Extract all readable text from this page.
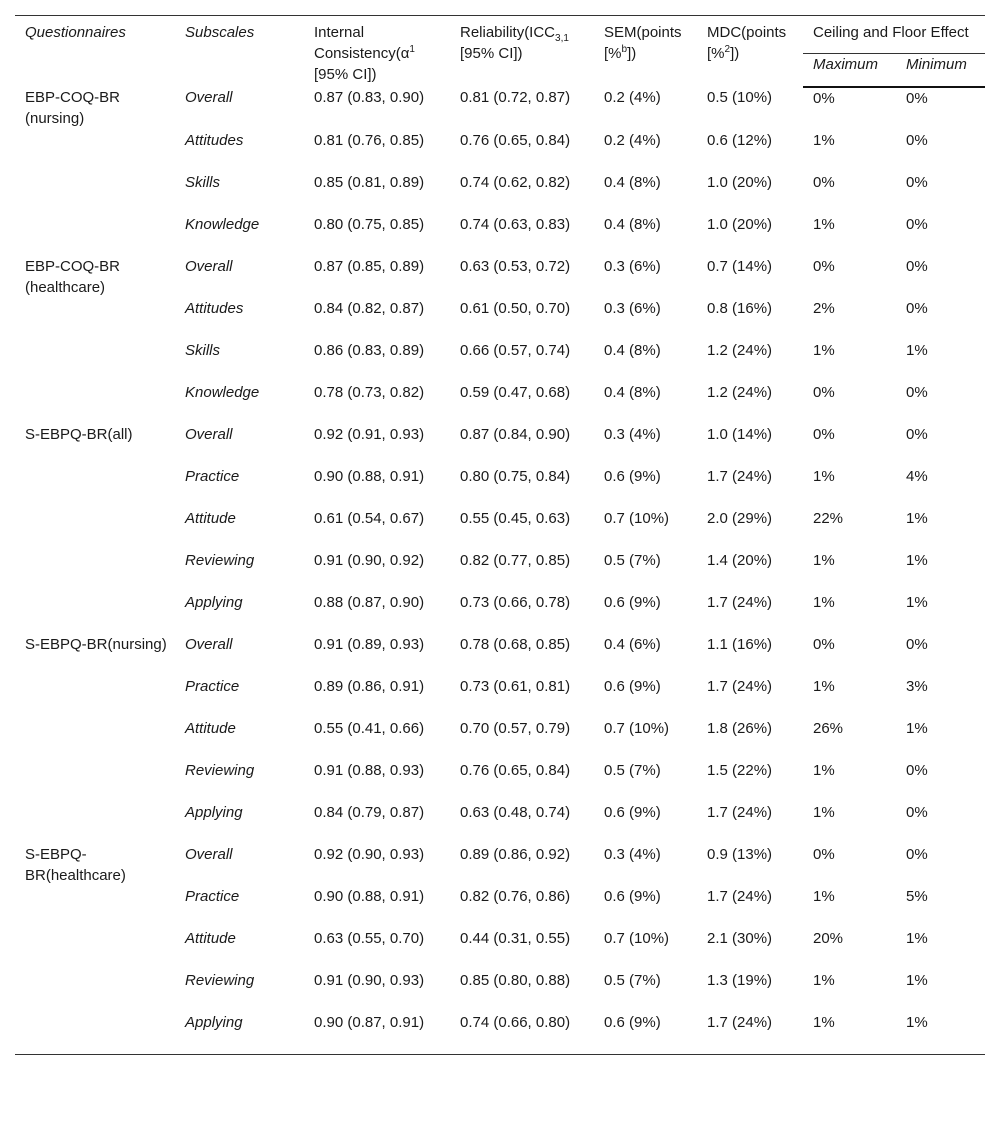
Questionnaires	Subscales	Internal $Consistency(\alpha^1$ [95% CI])	$Reliability(ICC_{3,1}$ [95% CI])	SEM(points [%$^b$])	MDC(points [%$^2$])	Ceiling and Floor Effect	
						Maximum	Minimum
EBP-COQ-BR (nursing)	Overall	0.87 (0.83, 0.90)	0.81 (0.72, 0.87)	0.2 (4%)	0.5 (10%)	0%	0%
	Attitudes	0.81 (0.76, 0.85)	0.76 (0.65, 0.84)	0.2 (4%)	0.6 (12%)	1%	0%
	Skills	0.85 (0.81, 0.89)	0.74 (0.62, 0.82)	0.4 (8%)	1.0 (20%)	0%	0%
	Knowledge	0.80 (0.75, 0.85)	0.74 (0.63, 0.83)	0.4 (8%)	1.0 (20%)	1%	0%
EBP-COQ-BR (healthcare)	Overall	0.87 (0.85, 0.89)	0.63 (0.53, 0.72)	0.3 (6%)	0.7 (14%)	0%	0%
	Attitudes	0.84 (0.82, 0.87)	0.61 (0.50, 0.70)	0.3 (6%)	0.8 (16%)	2%	0%
	Skills	0.86 (0.83, 0.89)	0.66 (0.57, 0.74)	0.4 (8%)	1.2 (24%)	1%	1%
	Knowledge	0.78 (0.73, 0.82)	0.59 (0.47, 0.68)	0.4 (8%)	1.2 (24%)	0%	0%
S-EBPQ-BR(all)	Overall	0.92 (0.91, 0.93)	0.87 (0.84, 0.90)	0.3 (4%)	1.0 (14%)	0%	0%
	Practice	0.90 (0.88, 0.91)	0.80 (0.75, 0.84)	0.6 (9%)	1.7 (24%)	1%	4%
	Attitude	0.61 (0.54, 0.67)	0.55 (0.45, 0.63)	0.7 (10%)	2.0 (29%)	22%	1%
	Reviewing	0.91 (0.90, 0.92)	0.82 (0.77, 0.85)	0.5 (7%)	1.4 (20%)	1%	1%
	Applying	0.88 (0.87, 0.90)	0.73 (0.66, 0.78)	0.6 (9%)	1.7 (24%)	1%	1%
S-EBPQ-BR(nursing)	Overall	0.91 (0.89, 0.93)	0.78 (0.68, 0.85)	0.4 (6%)	1.1 (16%)	0%	0%
	Practice	0.89 (0.86, 0.91)	0.73 (0.61, 0.81)	0.6 (9%)	1.7 (24%)	1%	3%
	Attitude	0.55 (0.41, 0.66)	0.70 (0.57, 0.79)	0.7 (10%)	1.8 (26%)	26%	1%
	Reviewing	0.91 (0.88, 0.93)	0.76 (0.65, 0.84)	0.5 (7%)	1.5 (22%)	1%	0%
	Applying	0.84 (0.79, 0.87)	0.63 (0.48, 0.74)	0.6 (9%)	1.7 (24%)	1%	0%
S-EBPQ-BR(healthcare)	Overall	0.92 (0.90, 0.93)	0.89 (0.86, 0.92)	0.3 (4%)	0.9 (13%)	0%	0%
	Practice	0.90 (0.88, 0.91)	0.82 (0.76, 0.86)	0.6 (9%)	1.7 (24%)	1%	5%
	Attitude	0.63 (0.55, 0.70)	0.44 (0.31, 0.55)	0.7 (10%)	2.1 (30%)	20%	1%
	Reviewing	0.91 (0.90, 0.93)	0.85 (0.80, 0.88)	0.5 (7%)	1.3 (19%)	1%	1%
	Applying	0.90 (0.87, 0.91)	0.74 (0.66, 0.80)	0.6 (9%)	1.7 (24%)	1%	1%
